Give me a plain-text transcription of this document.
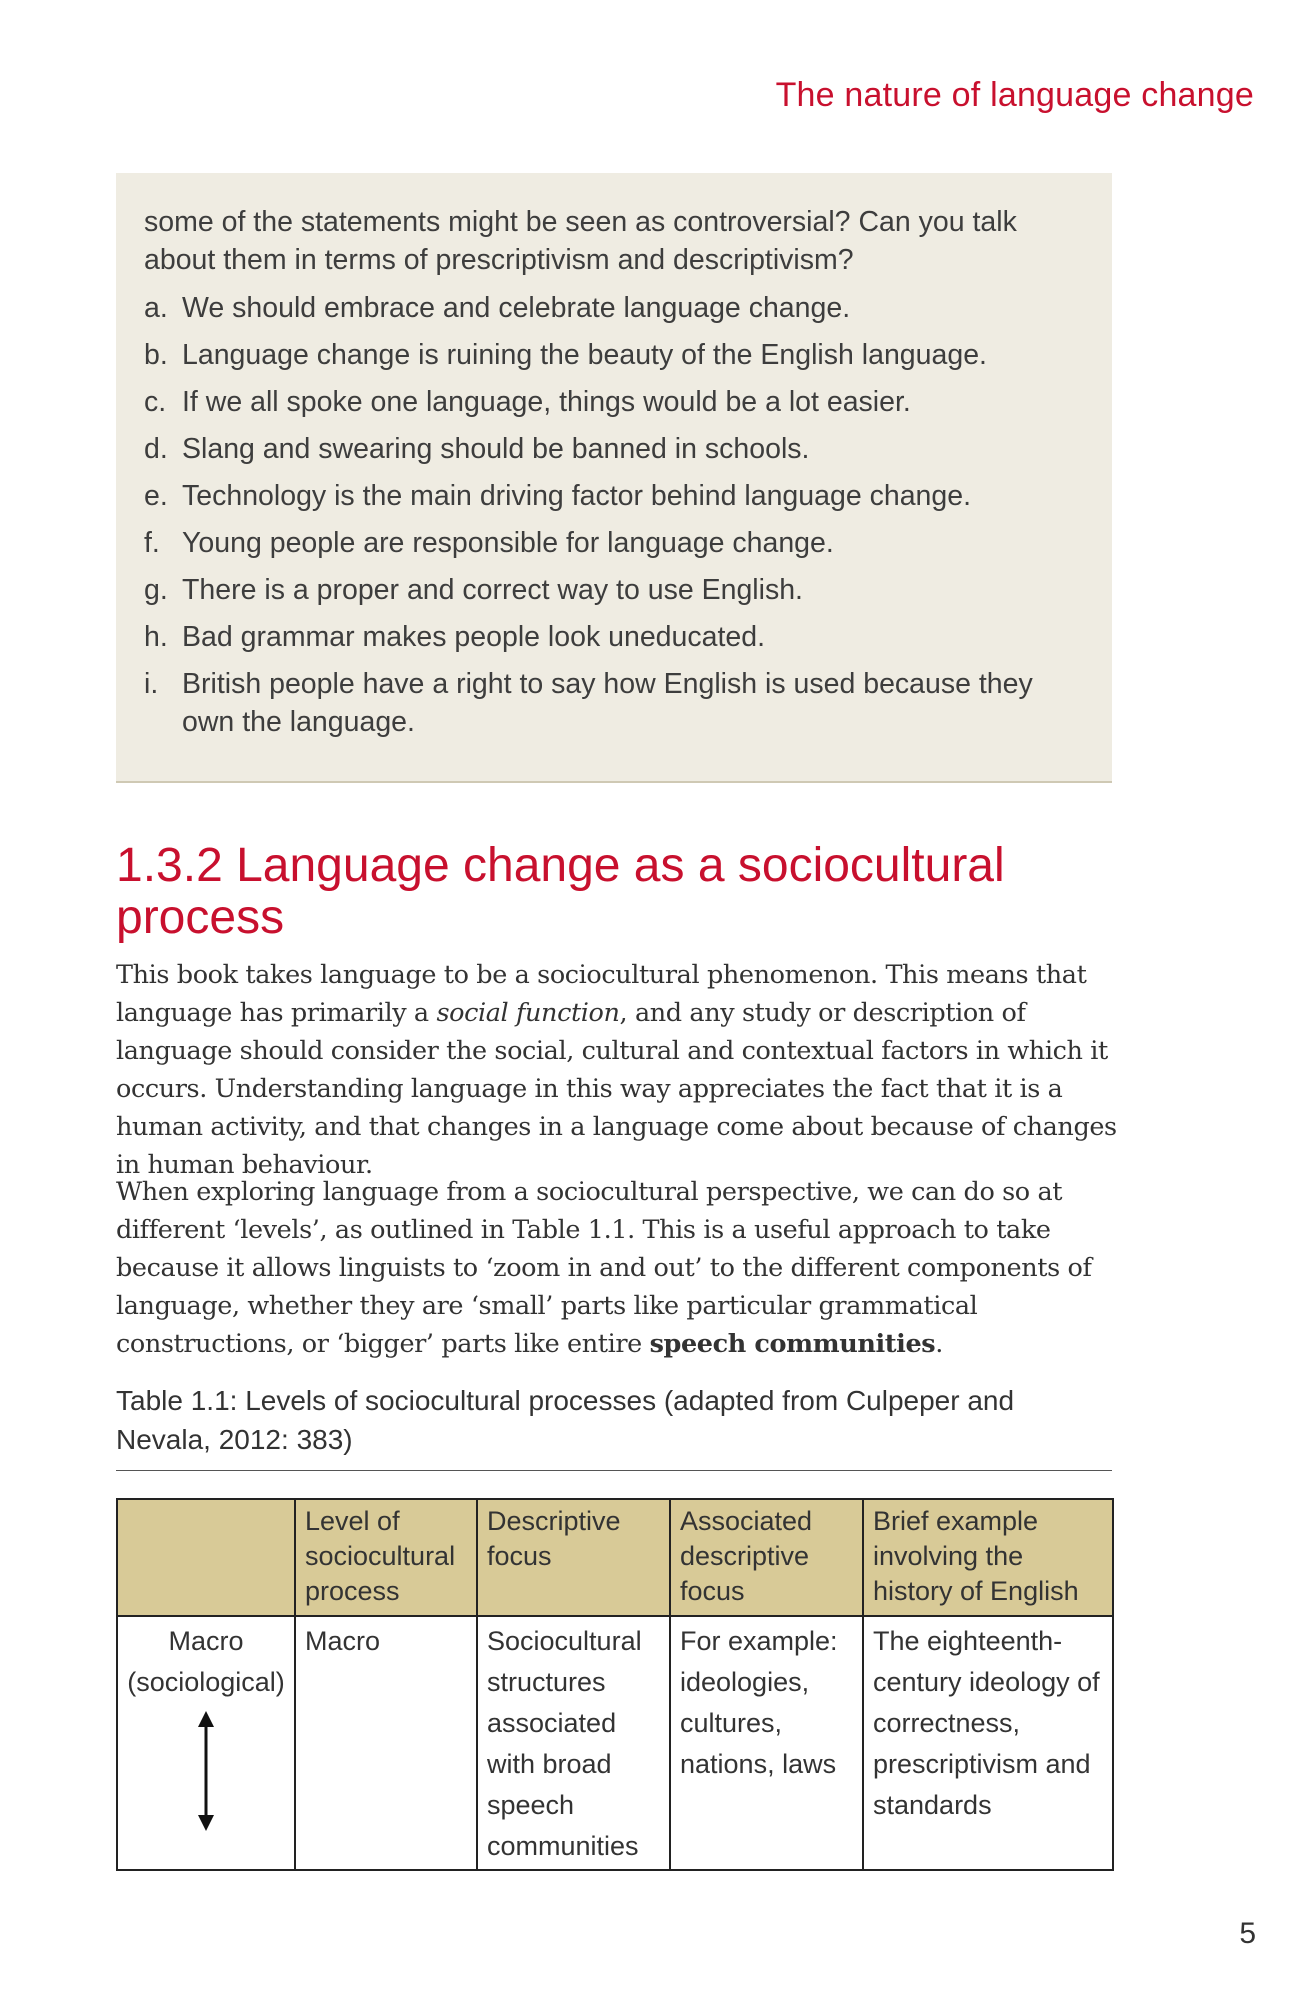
The nature of language change

some of the statements might be seen as controversial? Can you talk about them in terms of prescriptivism and descriptivism?

a. We should embrace and celebrate language change.
b. Language change is ruining the beauty of the English language.
c. If we all spoke one language, things would be a lot easier.
d. Slang and swearing should be banned in schools.
e. Technology is the main driving factor behind language change.
f. Young people are responsible for language change.
g. There is a proper and correct way to use English.
h. Bad grammar makes people look uneducated.
i. British people have a right to say how English is used because they own the language.
1.3.2 Language change as a sociocultural process

This book takes language to be a sociocultural phenomenon. This means that language has primarily a social function, and any study or description of language should consider the social, cultural and contextual factors in which it occurs. Understanding language in this way appreciates the fact that it is a human activity, and that changes in a language come about because of changes in human behaviour.

When exploring language from a sociocultural perspective, we can do so at different ‘levels’, as outlined in Table 1.1. This is a useful approach to take because it allows linguists to ‘zoom in and out’ to the different components of language, whether they are ‘small’ parts like particular grammatical constructions, or ‘bigger’ parts like entire speech communities.

Table 1.1: Levels of sociocultural processes (adapted from Culpeper and Nevala, 2012: 383)
	Level of sociocultural process	Descriptive focus	Associated descriptive focus	Brief example involving the history of English

Macro
(sociological)	Macro	Sociocultural structures associated with broad speech communities	For example: ideologies, cultures, nations, laws	The eighteenth-century ideology of correctness, prescriptivism and standards
5
